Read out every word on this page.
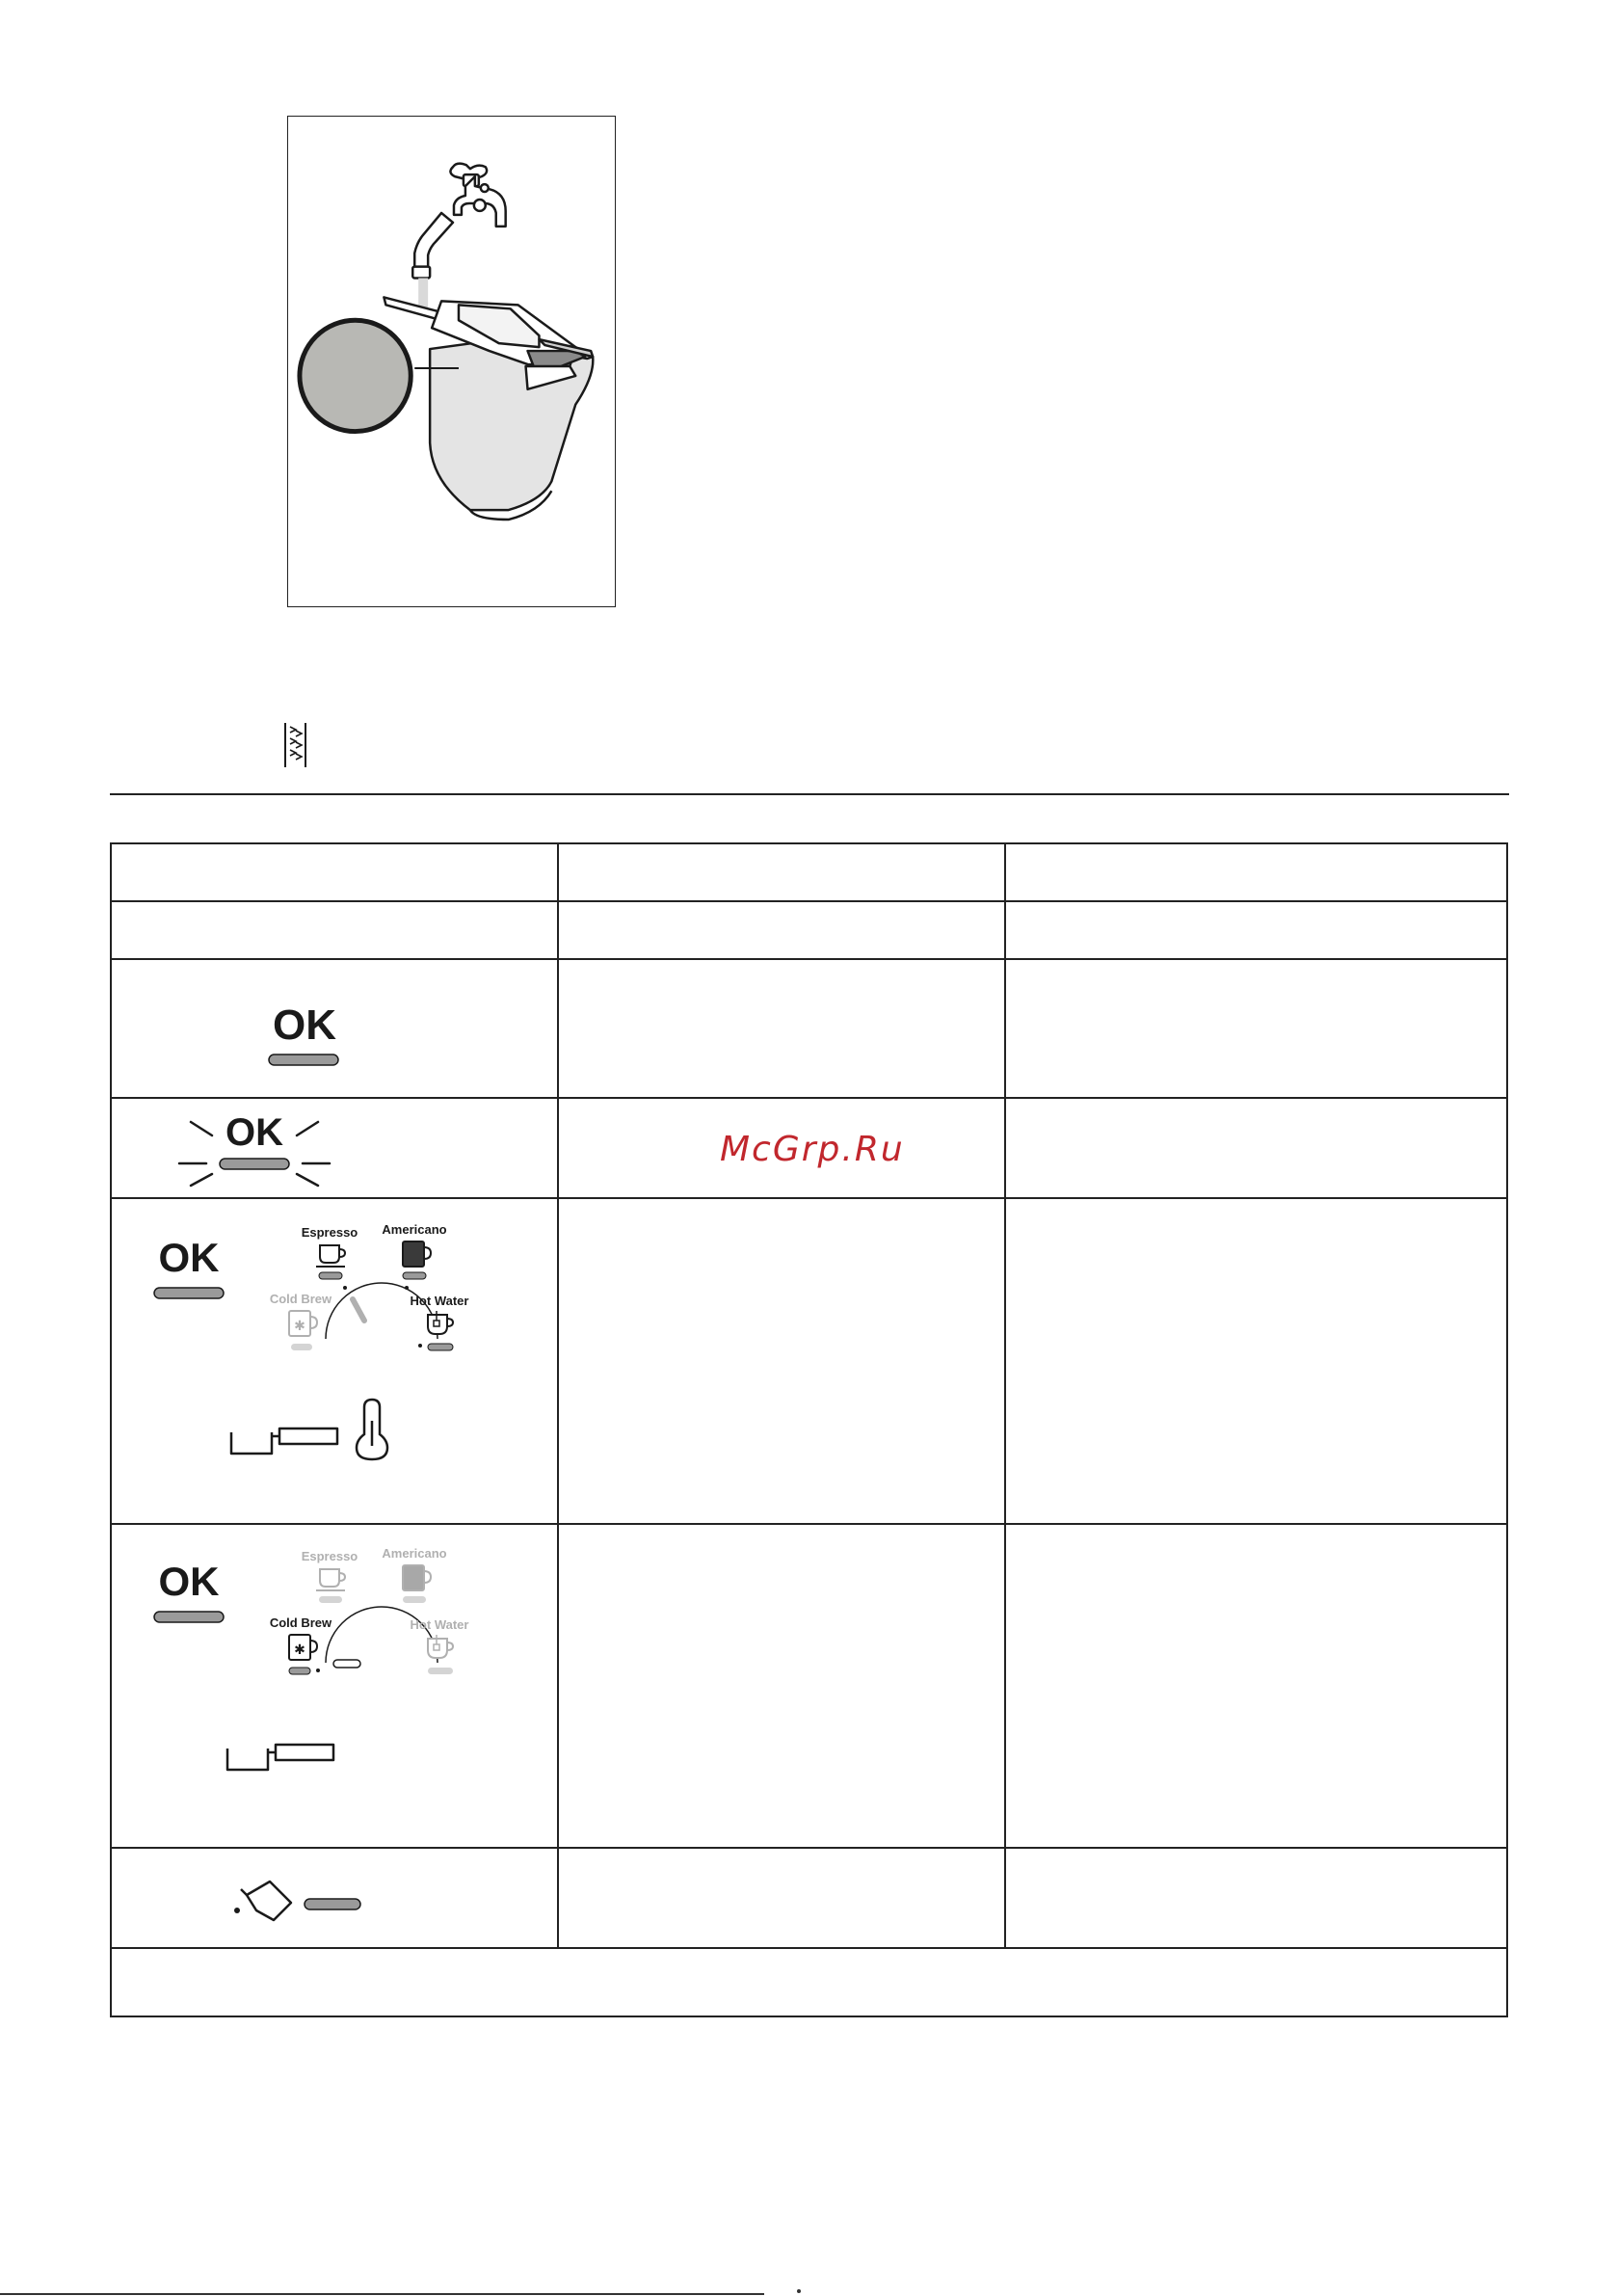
OK
OK	McGrp.Ru
OK
Espresso Americano
Cold Brew
✱
Hot Water
OK
Espresso Americano
Cold Brew
✱
Hot Water
